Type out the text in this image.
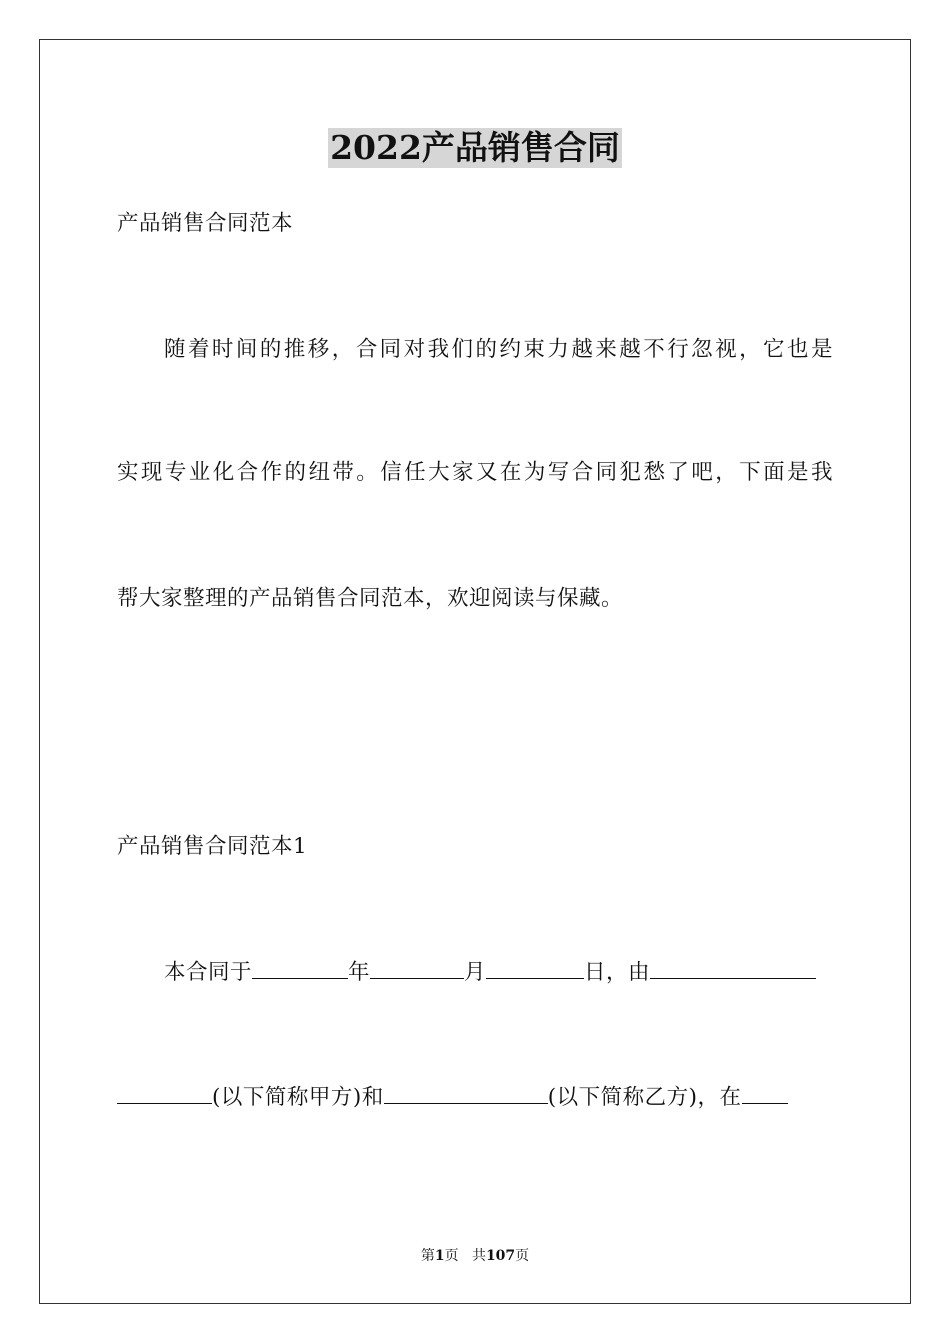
2022产品销售合同
产品销售合同范本
随着时间的推移，合同对我们的约束力越来越不行忽视，它也是
实现专业化合作的纽带。信任大家又在为写合同犯愁了吧，下面是我
帮大家整理的产品销售合同范本，欢迎阅读与保藏。
产品销售合同范本1
本合同于	年	月	日，由
(以下简称甲方)和	(以下简称乙方)，在
第1页 共107页
